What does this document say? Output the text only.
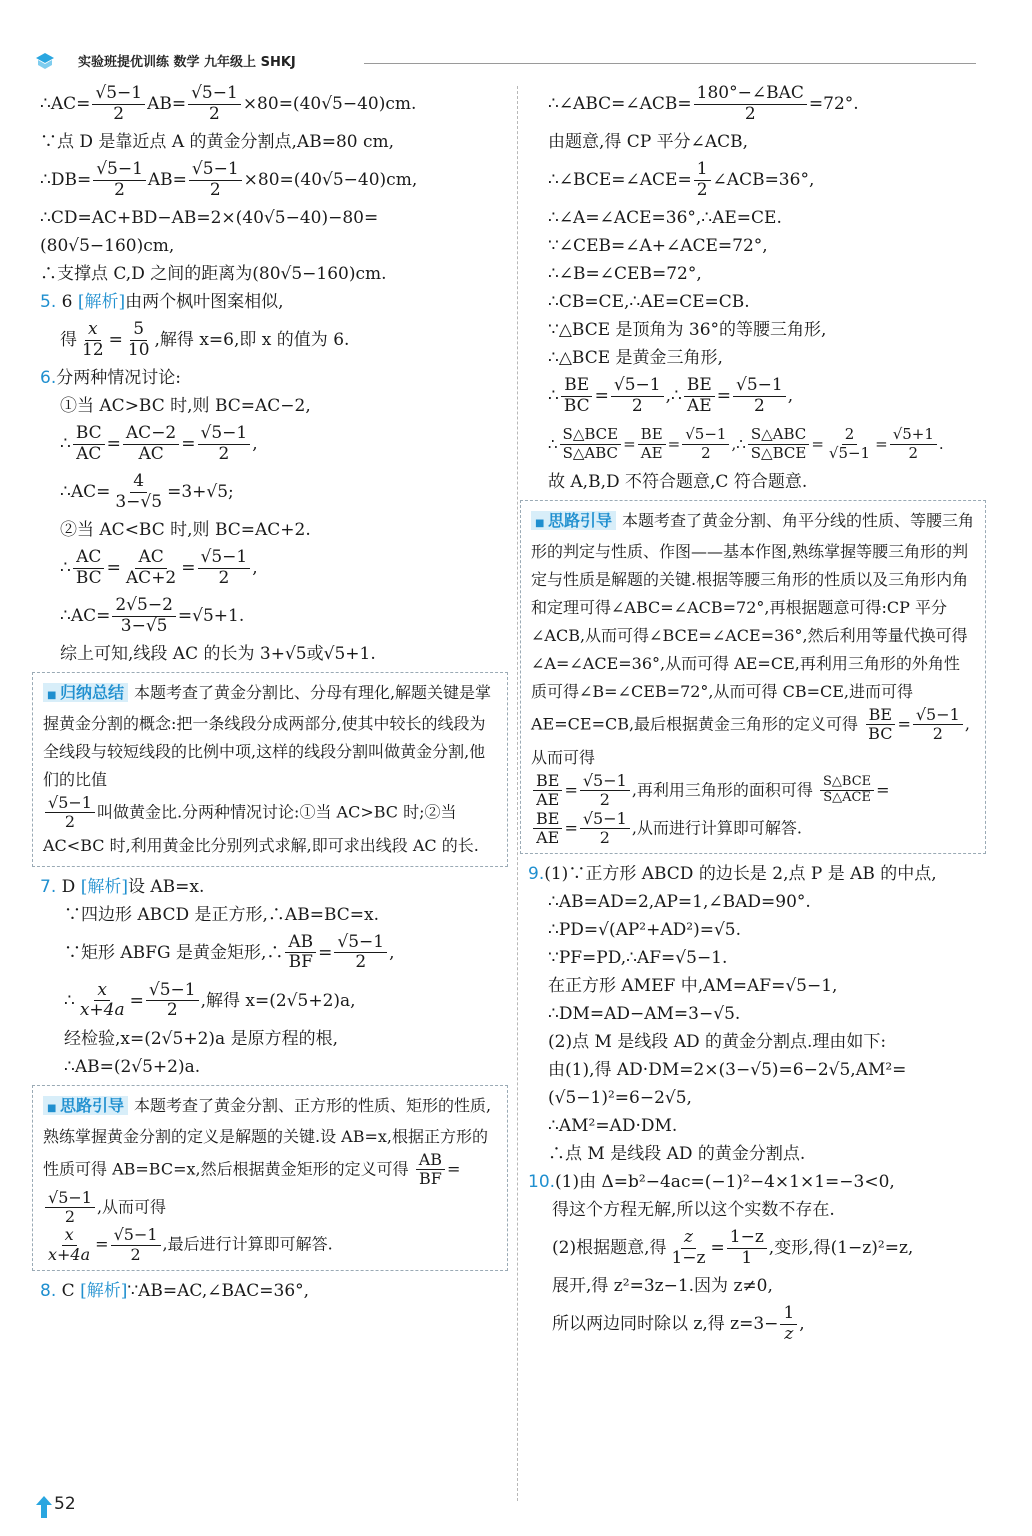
实验班提优训练 数学 九年级上 SHKJ
∴AC= $\frac{√5-1}{2} AB= \frac{√5-1}{2} \times 80=(40√5-40)cm$.
∵点 D 是靠近点 A 的黄金分割点,AB=80 cm,
∴DB= $\frac{√5-1}{2} AB= \frac{√5-1}{2} \times 80=(40√5-40)cm$,
∴CD=AC+BD−AB=2×(40√5−40)−80=
(80√5−160)cm,
∴支撑点 C,D 之间的距离为(80√5−160)cm.
5. 6 [解析]由两个枫叶图案相似,
得 $\frac{x}{12} = \frac{5}{10}$ ,解得 x=6,即 x 的值为 6.
6.分两种情况讨论:
①当 AC>BC 时,则 BC=AC−2,
∴ $\frac{BC}{AC} = \frac{AC-2}{AC} = \frac{√5-1}{2}$ ,
∴AC= $\frac{4}{3-√5} =3+√5$;
②当 AC<BC 时,则 BC=AC+2.
∴ $\frac{AC}{BC} = \frac{AC}{AC+2} = \frac{√5-1}{2}$ ,
∴AC= $\frac{2√5-2}{3-√5} =√5+1$.
综上可知,线段 AC 的长为 3+√5或√5+1.
■ 归纳总结 本题考查了黄金分割比、分母有理化,解题关键是掌握黄金分割的概念:把一条线段分成两部分,使其中较长的线段为全线段与较短线段的比例中项,这样的线段分割叫做黄金分割,他们的比值
$\frac{√5-1}{2}$ 叫做黄金比.分两种情况讨论:①当 AC>BC 时;②当 AC<BC 时,利用黄金比分别列式求解,即可求出线段 AC 的长.
7. D [解析]设 AB=x.
∵四边形 ABCD 是正方形,∴AB=BC=x.
∵矩形 ABFG 是黄金矩形,∴ $\frac{AB}{BF} = \frac{√5-1}{2}$ ,
∴ $\frac{x}{x+4a} = \frac{√5-1}{2}$ ,解得 x=(2√5+2)a,
经检验,x=(2√5+2)a 是原方程的根,
∴AB=(2√5+2)a.
■ 思路引导 本题考查了黄金分割、正方形的性质、矩形的性质,熟练掌握黄金分割的定义是解题的关键.设 AB=x,根据正方形的性质可得 AB=BC=x,然后根据黄金矩形的定义可得 $\frac{AB}{BF}$ =
$\frac{√5-1}{2}$ ,从而可得
$\frac{x}{x+4a} = \frac{√5-1}{2}$ ,最后进行计算即可解答.
8. C [解析]∵AB=AC,∠BAC=36°,
∴∠ABC=∠ACB= $\frac{\text{180°−∠BAC}}{2} =72^\circ$.
由题意,得 CP 平分∠ACB,
∴∠BCE=∠ACE= $\frac{1}{2}$ ∠ACB=36°,
∴∠A=∠ACE=36°,∴AE=CE.
∵∠CEB=∠A+∠ACE=72°,
∴∠B=∠CEB=72°,
∴CB=CE,∴AE=CE=CB.
∵△BCE 是顶角为 36°的等腰三角形,
∴△BCE 是黄金三角形,
∴ $\frac{BE}{BC} = \frac{√5-1}{2}$ ,∴ $\frac{BE}{AE} = \frac{√5-1}{2}$ ,
∴ $\frac{\text{S△BCE}}{\text{S△ABC}} = \frac{BE}{AE} = \frac{√5-1}{2}$ ,∴ $\frac{\text{S△ABC}}{\text{S△BCE}} = \frac{2}{√5-1} = \frac{√5+1}{2}$ .
故 A,B,D 不符合题意,C 符合题意.
■ 思路引导 本题考查了黄金分割、角平分线的性质、等腰三角形的判定与性质、作图——基本作图,熟练掌握等腰三角形的判定与性质是解题的关键.根据等腰三角形的性质以及三角形内角和定理可得∠ABC=∠ACB=72°,再根据题意可得:CP 平分∠ACB,从而可得∠BCE=∠ACE=36°,然后利用等量代换可得∠A=∠ACE=36°,从而可得 AE=CE,再利用三角形的外角性质可得∠B=∠CEB=72°,从而可得 CB=CE,进而可得 AE=CE=CB,最后根据黄金三角形的定义可得 $\frac{BE}{BC} = \frac{√5-1}{2}$ ,从而可得
$\frac{BE}{AE} = \frac{√5-1}{2}$ ,再利用三角形的面积可得 $\frac{\text{S△BCE}}{\text{S△ACE}}$ =
$\frac{BE}{AE} = \frac{√5-1}{2}$ ,从而进行计算即可解答.
9.(1)∵正方形 ABCD 的边长是 2,点 P 是 AB 的中点,
∴AB=AD=2,AP=1,∠BAD=90°.
∴PD=√(AP²+AD²)=√5.
∵PF=PD,∴AF=√5−1.
在正方形 AMEF 中,AM=AF=√5−1,
∴DM=AD−AM=3−√5.
(2)点 M 是线段 AD 的黄金分割点.理由如下:
由(1),得 AD·DM=2×(3−√5)=6−2√5,AM²=
(√5−1)²=6−2√5,
∴AM²=AD·DM.
∴点 M 是线段 AD 的黄金分割点.
10.(1)由 Δ=b²−4ac=(−1)²−4×1×1=−3<0,
得这个方程无解,所以这个实数不存在.
(2)根据题意,得 $\frac{z}{1-z} = \frac{1-z}{1}$ ,变形,得(1−z)²=z,
展开,得 z²=3z−1.因为 z≠0,
所以两边同时除以 z,得 $z=3- \frac{1}{z}$ ,
52
